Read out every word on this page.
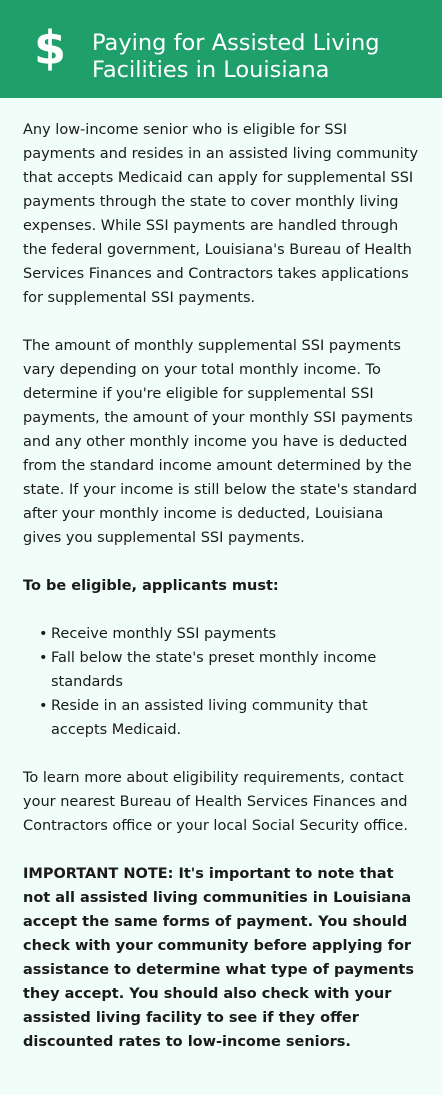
$	Paying for Assisted Living Facilities in Louisiana

Any low-income senior who is eligible for SSI payments and resides in an assisted living community that accepts Medicaid can apply for supplemental SSI payments through the state to cover monthly living expenses. While SSI payments are handled through the federal government, Louisiana's Bureau of Health Services Finances and Contractors takes applications for supplemental SSI payments.

The amount of monthly supplemental SSI payments vary depending on your total monthly income. To determine if you're eligible for supplemental SSI payments, the amount of your monthly SSI payments and any other monthly income you have is deducted from the standard income amount determined by the state. If your income is still below the state's standard after your monthly income is deducted, Louisiana gives you supplemental SSI payments.

To be eligible, applicants must:

• Receive monthly SSI payments
• Fall below the state's preset monthly income standards
• Reside in an assisted living community that accepts Medicaid.

To learn more about eligibility requirements, contact your nearest Bureau of Health Services Finances and Contractors office or your local Social Security office.

IMPORTANT NOTE: It's important to note that not all assisted living communities in Louisiana accept the same forms of payment. You should check with your community before applying for assistance to determine what type of payments they accept. You should also check with your assisted living facility to see if they offer discounted rates to low-income seniors.
